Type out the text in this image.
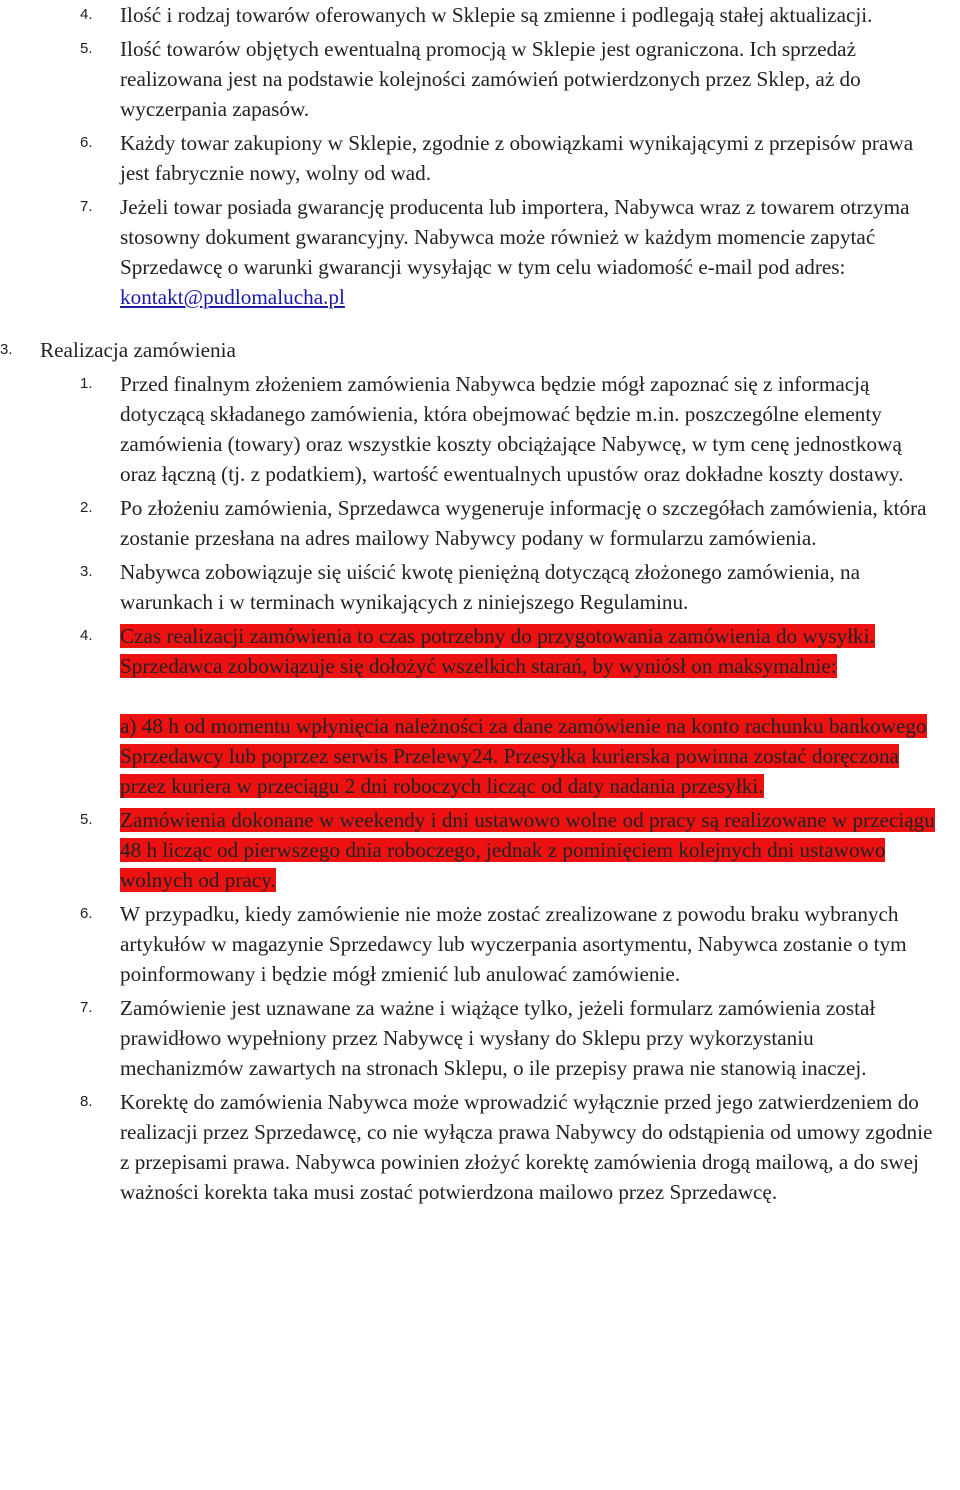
4. Ilość i rodzaj towarów oferowanych w Sklepie są zmienne i podlegają stałej aktualizacji.
5. Ilość towarów objętych ewentualną promocją w Sklepie jest ograniczona. Ich sprzedaż realizowana jest na podstawie kolejności zamówień potwierdzonych przez Sklep, aż do wyczerpania zapasów.
6. Każdy towar zakupiony w Sklepie, zgodnie z obowiązkami wynikającymi z przepisów prawa jest fabrycznie nowy, wolny od wad.
7. Jeżeli towar posiada gwarancję producenta lub importera, Nabywca wraz z towarem otrzyma stosowny dokument gwarancyjny. Nabywca może również w każdym momencie zapytać Sprzedawcę o warunki gwarancji wysyłając w tym celu wiadomość e-mail pod adres: kontakt@pudlomalucha.pl
3. Realizacja zamówienia
1. Przed finalnym złożeniem zamówienia Nabywca będzie mógł zapoznać się z informacją dotyczącą składanego zamówienia, która obejmować będzie m.in. poszczególne elementy zamówienia (towary) oraz wszystkie koszty obciążające Nabywcę, w tym cenę jednostkową oraz łączną (tj. z podatkiem), wartość ewentualnych upustów oraz dokładne koszty dostawy.
2. Po złożeniu zamówienia, Sprzedawca wygeneruje informację o szczegółach zamówienia, która zostanie przesłana na adres mailowy Nabywcy podany w formularzu zamówienia.
3. Nabywca zobowiązuje się uiścić kwotę pieniężną dotyczącą złożonego zamówienia, na warunkach i w terminach wynikających z niniejszego Regulaminu.
4. Czas realizacji zamówienia to czas potrzebny do przygotowania zamówienia do wysyłki. Sprzedawca zobowiązuje się dołożyć wszelkich starań, by wyniósł on maksymalnie:
a) 48 h od momentu wpłynięcia należności za dane zamówienie na konto rachunku bankowego Sprzedawcy lub poprzez serwis Przelewy24. Przesyłka kurierska powinna zostać doręczona przez kuriera w przeciągu 2 dni roboczych licząc od daty nadania przesyłki.
5. Zamówienia dokonane w weekendy i dni ustawowo wolne od pracy są realizowane w przeciągu 48 h licząc od pierwszego dnia roboczego, jednak z pominięciem kolejnych dni ustawowo wolnych od pracy.
6. W przypadku, kiedy zamówienie nie może zostać zrealizowane z powodu braku wybranych artykułów w magazynie Sprzedawcy lub wyczerpania asortymentu, Nabywca zostanie o tym poinformowany i będzie mógł zmienić lub anulować zamówienie.
7. Zamówienie jest uznawane za ważne i wiążące tylko, jeżeli formularz zamówienia został prawidłowo wypełniony przez Nabywcę i wysłany do Sklepu przy wykorzystaniu mechanizmów zawartych na stronach Sklepu, o ile przepisy prawa nie stanowią inaczej.
8. Korektę do zamówienia Nabywca może wprowadzić wyłącznie przed jego zatwierdzeniem do realizacji przez Sprzedawcę, co nie wyłącza prawa Nabywcy do odstąpienia od umowy zgodnie z przepisami prawa. Nabywca powinien złożyć korektę zamówienia drogą mailową, a do swej ważności korekta taka musi zostać potwierdzona mailowo przez Sprzedawcę.
